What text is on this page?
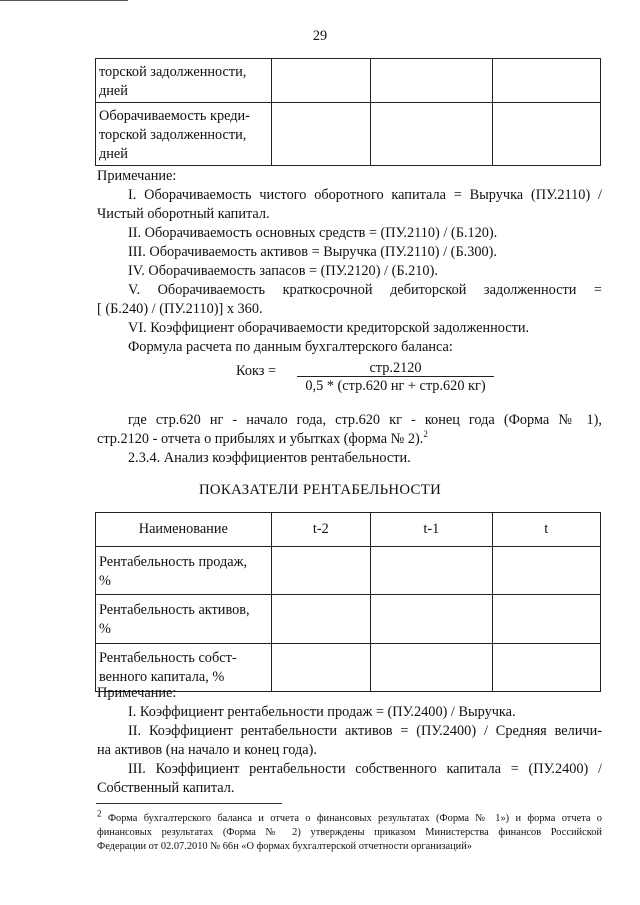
29
торской задолженности,
дней			

Оборачиваемость креди-
торской задолженности,
дней			

Примечание:
I. Оборачиваемость чистого оборотного капитала = Выручка (ПУ.2110) /
Чистый оборотный капитал.
II. Оборачиваемость основных средств = (ПУ.2110) / (Б.120).
III. Оборачиваемость активов = Выручка (ПУ.2110) / (Б.300).
IV. Оборачиваемость запасов = (ПУ.2120) / (Б.210).
V. Оборачиваемость краткосрочной дебиторской задолженности =
[ (Б.240) / (ПУ.2110)] x 360.
VI. Коэффициент оборачиваемости кредиторской задолженности.
Формула расчета по данным бухгалтерского баланса:
Кокз =	стр.2120
0,5 * (стр.620 нг + стр.620 кг)
где стр.620 нг - начало года, стр.620 кг - конец года (Форма № 1),
стр.2120 - отчета о прибылях и убытках (форма № 2).$^2$
2.3.4. Анализ коэффициентов рентабельности.
ПОКАЗАТЕЛИ РЕНТАБЕЛЬНОСТИ
Наименование	t-2	t-1	t

Рентабельность продаж,
%			

Рентабельность активов,
%			

Рентабельность собст-
венного капитала, %			

Примечание:
I. Коэффициент рентабельности продаж = (ПУ.2400) / Выручка.
II. Коэффициент рентабельности активов = (ПУ.2400) / Средняя величи-
на активов (на начало и конец года).
III. Коэффициент рентабельности собственного капитала = (ПУ.2400) /
Собственный капитал.
2 Форма бухгалтерского баланса и отчета о финансовых результатах (Форма № 1») и форма отчета о
финансовых результатах (Форма № 2) утверждены приказом Министерства финансов Российской
Федерации от 02.07.2010 № 66н «О формах бухгалтерской отчетности организаций»
